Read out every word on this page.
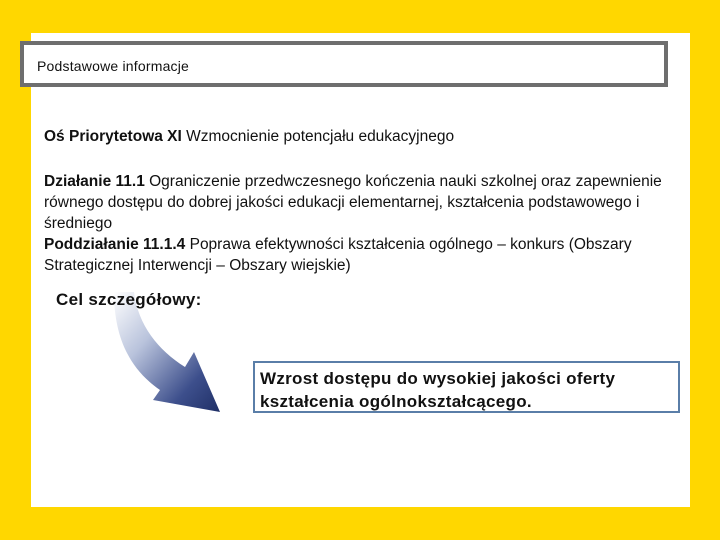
Podstawowe informacje
Oś Priorytetowa XI Wzmocnienie potencjału edukacyjnego
Działanie 11.1 Ograniczenie przedwczesnego kończenia nauki szkolnej oraz zapewnienie równego dostępu do dobrej jakości edukacji elementarnej, kształcenia podstawowego i średniego
Poddziałanie 11.1.4 Poprawa efektywności kształcenia ogólnego – konkurs (Obszary Strategicznej Interwencji – Obszary wiejskie)
Cel szczegółowy:
Wzrost dostępu do wysokiej jakości oferty kształcenia ogólnokształcącego.
